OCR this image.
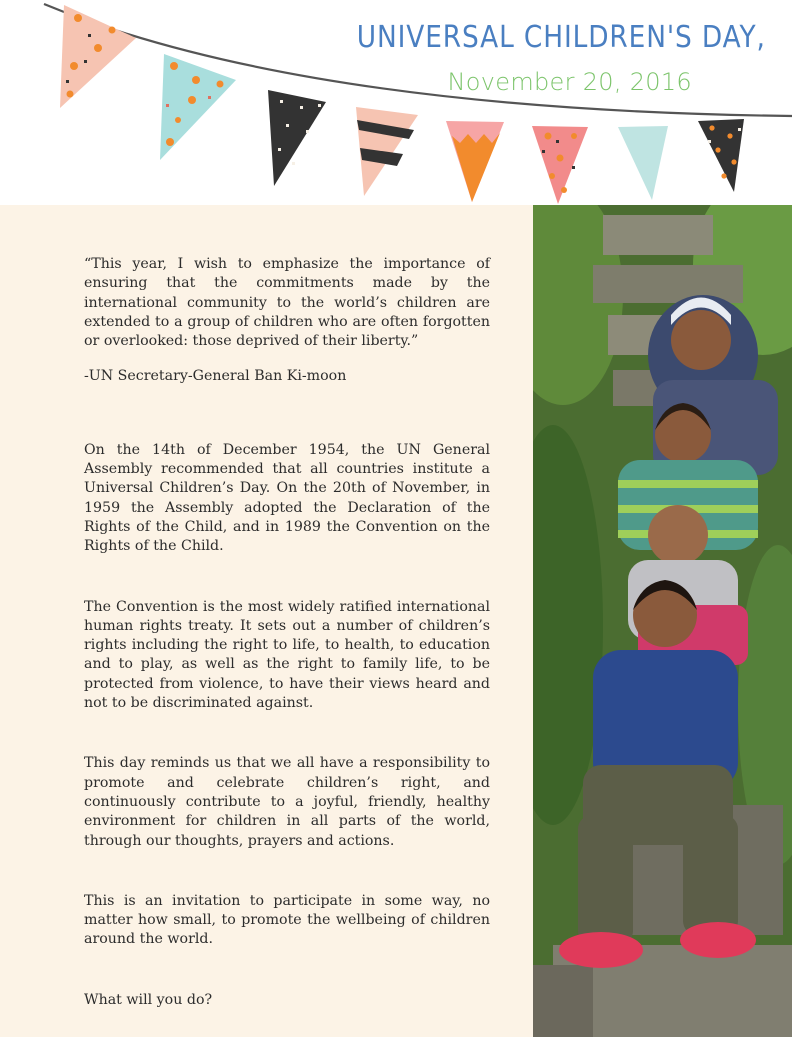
UNIVERSAL CHILDREN'S DAY,
November 20, 2016

“This year, I wish to emphasize the importance of ensuring that the commitments made by the international community to the world’s children are extended to a group of children who are often forgotten or overlooked: those deprived of their liberty.”

-UN Secretary-General Ban Ki-moon

On the 14th of December 1954, the UN General Assembly recommended that all countries institute a Universal Children’s Day. On the 20th of November, in 1959 the Assembly adopted the Declaration of the Rights of the Child, and in 1989 the Convention on the Rights of the Child.

The Convention is the most widely ratified international human rights treaty. It sets out a number of children’s rights including the right to life, to health, to education and to play, as well as the right to family life, to be protected from violence, to have their views heard and not to be discriminated against.

This day reminds us that we all have a responsibility to promote and celebrate children’s right, and continuously contribute to a joyful, friendly, healthy environment for children in all parts of the world, through our thoughts, prayers and actions.

This is an invitation to participate in some way, no matter how small, to promote the wellbeing of children around the world.

What will you do?
